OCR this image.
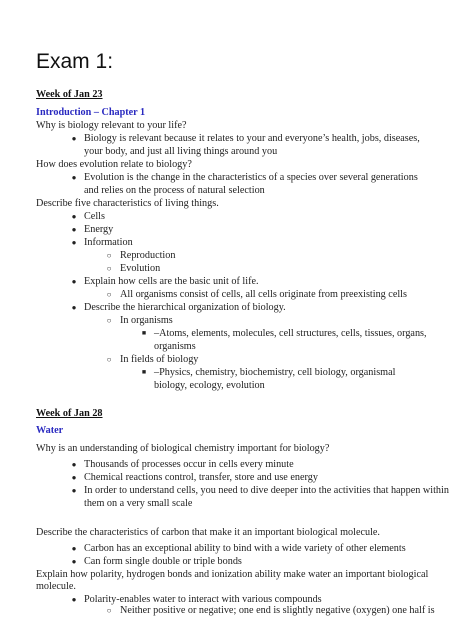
Exam 1:
Week of Jan 23
Introduction – Chapter 1
Why is biology relevant to your life?
● Biology is relevant because it relates to your and everyone’s health, jobs, diseases,
your body, and just all living things around you
How does evolution relate to biology?
● Evolution is the change in the characteristics of a species over several generations
and relies on the process of natural selection
Describe five characteristics of living things.
● Cells
● Energy
● Information
○ Reproduction
○ Evolution
● Explain how cells are the basic unit of life.
○ All organisms consist of cells, all cells originate from preexisting cells
● Describe the hierarchical organization of biology.
○ In organisms
■ –Atoms, elements, molecules, cell structures, cells, tissues, organs,
organisms
○ In fields of biology
■ –Physics, chemistry, biochemistry, cell biology, organismal
biology, ecology, evolution
Week of Jan 28
Water
Why is an understanding of biological chemistry important for biology?
● Thousands of processes occur in cells every minute
● Chemical reactions control, transfer, store and use energy
● In order to understand cells, you need to dive deeper into the activities that happen within
them on a very small scale
Describe the characteristics of carbon that make it an important biological molecule.
● Carbon has an exceptional ability to bind with a wide variety of other elements
● Can form single double or triple bonds
Explain how polarity, hydrogen bonds and ionization ability make water an important biological
molecule.
● Polarity-enables water to interact with various compounds
○ Neither positive or negative; one end is slightly negative (oxygen) one half is
